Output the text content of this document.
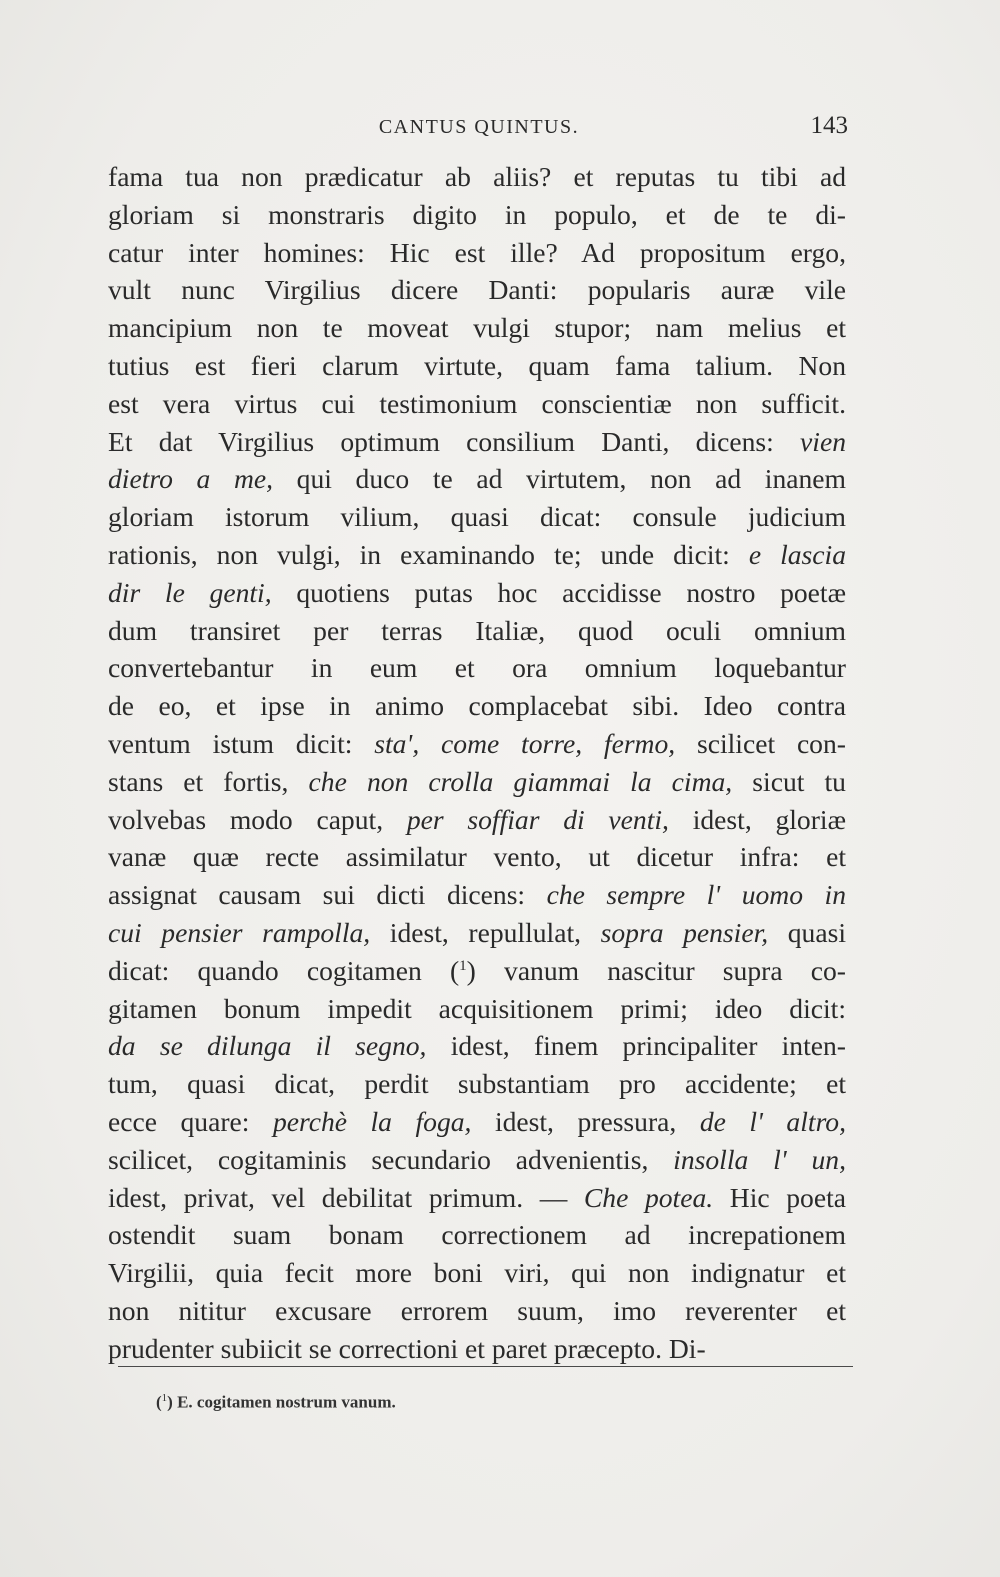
CANTUS QUINTUS.	143
fama tua non prædicatur ab aliis? et reputas tu tibi ad
gloriam si monstraris digito in populo, et de te di-
catur inter homines: Hic est ille? Ad propositum ergo,
vult nunc Virgilius dicere Danti: popularis auræ vile
mancipium non te moveat vulgi stupor; nam melius et
tutius est fieri clarum virtute, quam fama talium. Non
est vera virtus cui testimonium conscientiæ non sufficit.
Et dat Virgilius optimum consilium Danti, dicens: vien
dietro a me, qui duco te ad virtutem, non ad inanem
gloriam istorum vilium, quasi dicat: consule judicium
rationis, non vulgi, in examinando te; unde dicit: e lascia
dir le genti, quotiens putas hoc accidisse nostro poetæ
dum transiret per terras Italiæ, quod oculi omnium
convertebantur in eum et ora omnium loquebantur
de eo, et ipse in animo complacebat sibi. Ideo contra
ventum istum dicit: sta', come torre, fermo, scilicet con-
stans et fortis, che non crolla giammai la cima, sicut tu
volvebas modo caput, per soffiar di venti, idest, gloriæ
vanæ quæ recte assimilatur vento, ut dicetur infra: et
assignat causam sui dicti dicens: che sempre l' uomo in
cui pensier rampolla, idest, repullulat, sopra pensier, quasi
dicat: quando cogitamen ($^1$) vanum nascitur supra co-
gitamen bonum impedit acquisitionem primi; ideo dicit:
da se dilunga il segno, idest, finem principaliter inten-
tum, quasi dicat, perdit substantiam pro accidente; et
ecce quare: perchè la foga, idest, pressura, de l' altro,
scilicet, cogitaminis secundario advenientis, insolla l' un,
idest, privat, vel debilitat primum. — Che potea. Hic poeta
ostendit suam bonam correctionem ad increpationem
Virgilii, quia fecit more boni viri, qui non indignatur et
non nititur excusare errorem suum, imo reverenter et
prudenter subiicit se correctioni et paret præcepto. Di-
($^1$) E. cogitamen nostrum vanum.
